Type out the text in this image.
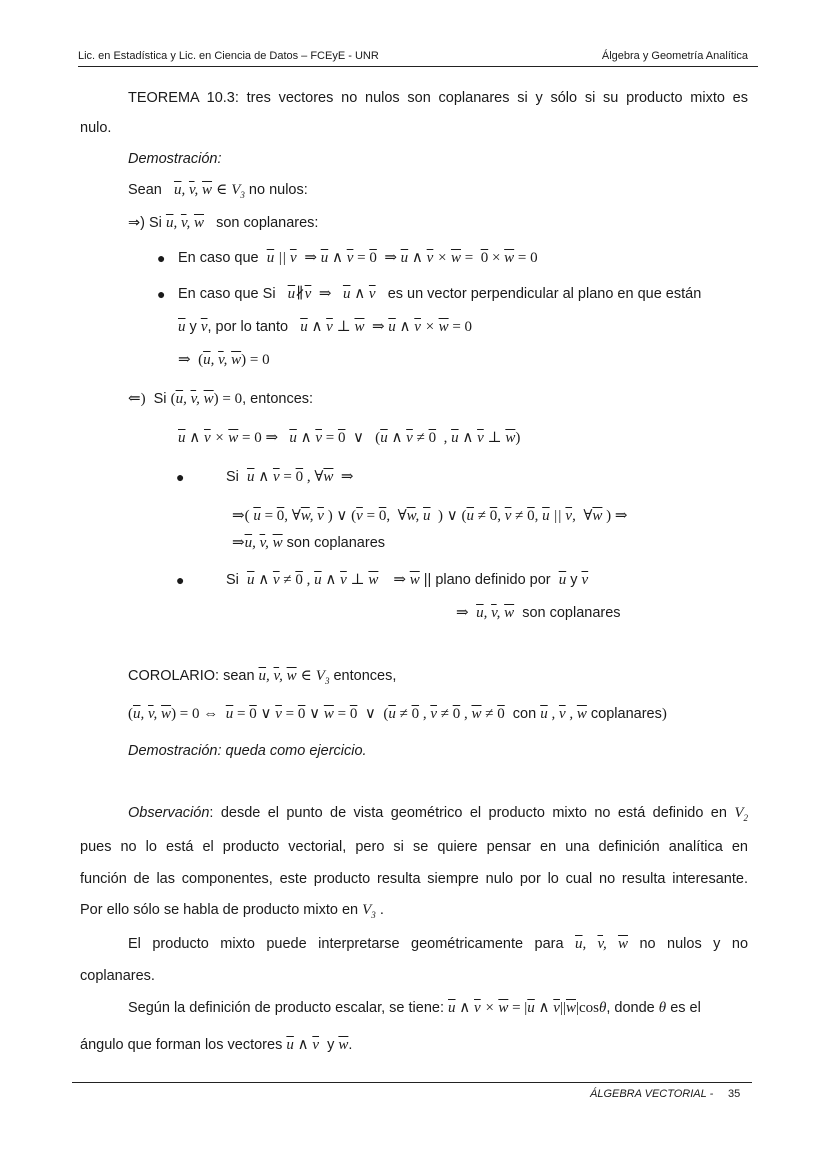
Lic. en Estadística y Lic. en Ciencia de Datos – FCEyE - UNR	Álgebra y Geometría Analítica
TEOREMA 10.3: tres vectores no nulos son coplanares si y sólo si su producto mixto es
nulo.
Demostración:
Sean $\overline{u}$, $\overline{v}$, $\overline{w}$ ∈ $V_3$ no nulos:
⇒) Si $\overline{u}$, $\overline{v}$, $\overline{w}$ son coplanares:
● En caso que $\overline{u}$ || $\overline{v}$  ⇒ $\overline{u}$ ∧ $\overline{v} = 0$  ⇒ $\overline{u}$ ∧ $\overline{v} \times \overline{w} = 0 \times \overline{w} = 0$
● En caso que Si $\overline{u}∦\overline{v}$  ⇒   $\overline{u}$ ∧ $\overline{v}$ es un vector perpendicular al plano en que están
$\overline{u}$ y $\overline{v}$, por lo tanto $\overline{u}$ ∧ $\overline{v}$ ⊥ $\overline{w}$  ⇒ $\overline{u}$ ∧ $\overline{v} \times \overline{w} = 0$
⇒  ($\overline{u}$, $\overline{v}$, $\overline{w}) = 0$
⇐) Si ($\overline{u}$, $\overline{v}$, $\overline{w}) = 0$, entonces:
$\overline{u}$ ∧ $\overline{v} \times \overline{w} = 0$ ⇒   $\overline{u}$ ∧ $\overline{v} = 0$  ∨   ($\overline{u}$ ∧ $\overline{v} \ne 0$  , $\overline{u}$ ∧ $\overline{v}$ ⊥ $\overline{w}$)
●	Si $\overline{u}$ ∧ $\overline{v} = 0$ , $\forall\overline{w}$  ⇒
⇒( $\overline{u} = 0$, $\forall\overline{w}$, $\overline{v}$ ) ∨ ($\overline{v} = 0$,  $\forall\overline{w}$, $\overline{u}$  ) ∨ ($\overline{u} \ne 0$, $\overline{v} \ne 0$, $\overline{u}$ || $\overline{v}$,  $\forall\overline{w}$ ) ⇒
$\Rightarrow\overline{u}$, $\overline{v}$, $\overline{w}$ son coplanares
●	Si $\overline{u}$ ∧ $\overline{v} \ne 0$ , $\overline{u}$ ∧ $\overline{v}$ ⊥ $\overline{w}$    ⇒ $\overline{w}$ || plano definido por $\overline{u}$ y $\overline{v}$
⇒  $\overline{u}$, $\overline{v}$, $\overline{w}$ son coplanares
COROLARIO: sean $\overline{u}$, $\overline{v}$, $\overline{w}$ ∈ $V_3$ entonces,
($\overline{u}$, $\overline{v}$, $\overline{w}) = 0$ ⇔  $\overline{u} = 0$ ∨ $\overline{v} = 0$ ∨ $\overline{w} = 0$  ∨  ($\overline{u} \ne 0$ , $\overline{v} \ne 0$ , $\overline{w} \ne 0$ con $\overline{u}$ , $\overline{v}$ , $\overline{w}$ coplanares)
Demostración: queda como ejercicio.
Observación: desde el punto de vista geométrico el producto mixto no está definido en $V_2$
pues no lo está el producto vectorial, pero si se quiere pensar en una definición analítica en
función de las componentes, este producto resulta siempre nulo por lo cual no resulta interesante.
Por ello sólo se habla de producto mixto en $V_3$ .
El producto mixto puede interpretarse geométricamente para $\overline{u}$, $\overline{v}$, $\overline{w}$ no nulos y no
coplanares.
Según la definición de producto escalar, se tiene: $\overline{u}$ ∧ $\overline{v} \times \overline{w} = |\overline{u}$ ∧ $\overline{v}||\overline{w}|\cos\theta$, donde θ es el
ángulo que forman los vectores $\overline{u}$ ∧ $\overline{v}$ y $\overline{w}$.
ÁLGEBRA VECTORIAL - 35
